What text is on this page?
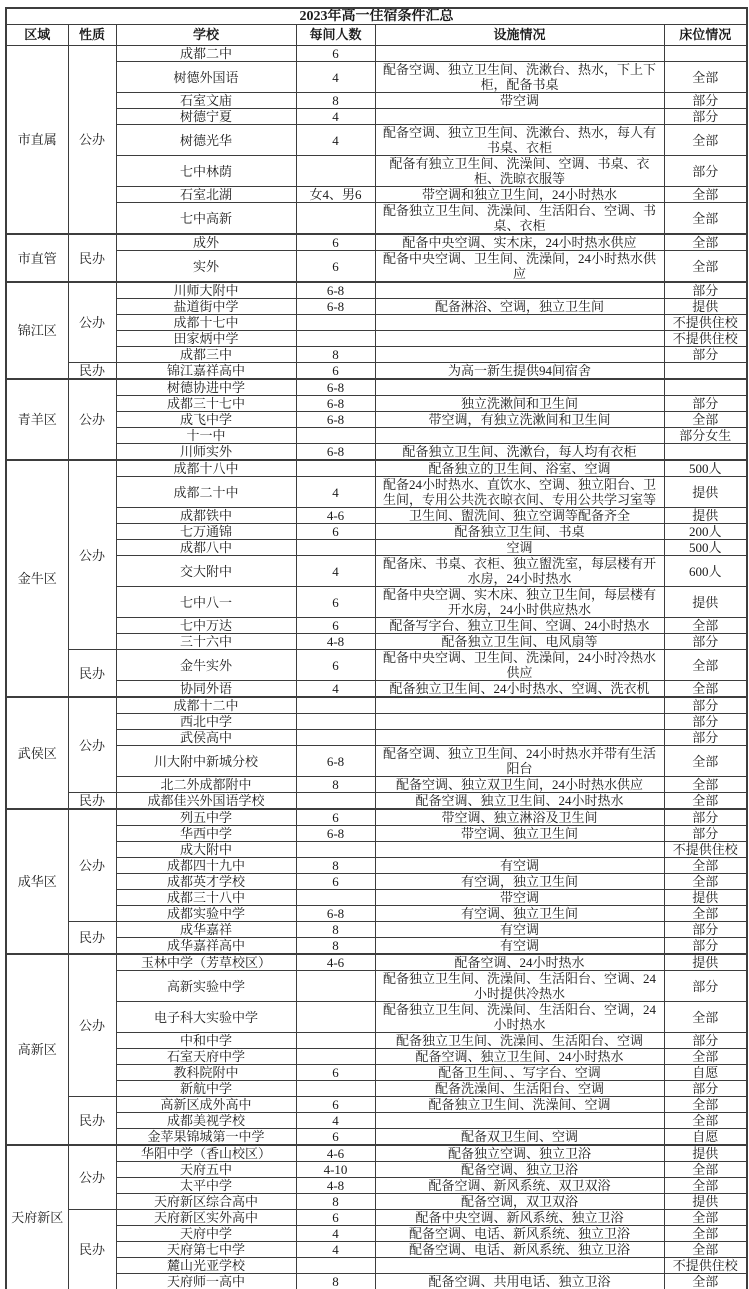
2023年高一住宿条件汇总					
区域	性质	学校	每间人数	设施情况	床位情况
市直属	公办	成都二中	6		
		树德外国语	4	配备空调、独立卫生间、洗漱台、热水，下上下柜，配备书桌	全部
		石室文庙	8	带空调	部分
		树德宁夏	4		部分
		树德光华	4	配备空调、独立卫生间、洗漱台、热水，每人有书桌、衣柜	全部
		七中林荫		配备有独立卫生间、洗澡间、空调、书桌、衣柜、洗晾衣服等	部分
		石室北湖	女4、男6	带空调和独立卫生间，24小时热水	全部
		七中高新		配备独立卫生间、洗澡间、生活阳台、空调、书桌、衣柜	全部
市直管	民办	成外	6	配备中央空调、实木床，24小时热水供应	全部
		实外	6	配备中央空调、卫生间、洗澡间，24小时热水供应	全部
锦江区	公办	川师大附中	6-8		部分
		盐道街中学	6-8	配备淋浴、空调，独立卫生间	提供
		成都十七中			不提供住校
		田家炳中学			不提供住校
		成都三中	8		部分
	民办	锦江嘉祥高中	6	为高一新生提供94间宿舍	
青羊区	公办	树德协进中学	6-8		
		成都三十七中	6-8	独立洗漱间和卫生间	部分
		成飞中学	6-8	带空调，有独立洗漱间和卫生间	全部
		十一中			部分女生
		川师实外	6-8	配备独立卫生间、洗漱台，每人均有衣柜	
金牛区	公办	成都十八中		配备独立的卫生间、浴室、空调	500人
		成都二十中	4	配备24小时热水、直饮水、空调、独立阳台、卫生间，专用公共洗衣晾衣间、专用公共学习室等	提供
		成都铁中	4-6	卫生间、盥洗间、独立空调等配备齐全	提供
		七万通锦	6	配备独立卫生间、书桌	200人
		成都八中		空调	500人
		交大附中	4	配备床、书桌、衣柜、独立盥洗室，每层楼有开水房，24小时热水	600人
		七中八一	6	配备中央空调、实木床、独立卫生间，每层楼有开水房，24小时供应热水	提供
		七中万达	6	配备写字台、独立卫生间、空调、24小时热水	全部
		三十六中	4-8	配备独立卫生间、电风扇等	部分
	民办	金牛实外	6	配备中央空调、卫生间、洗澡间，24小时冷热水供应	全部
		协同外语	4	配备独立卫生间、24小时热水、空调、洗衣机	全部
武侯区	公办	成都十二中			部分
		西北中学			部分
		武侯高中			部分
		川大附中新城分校	6-8	配备空调、独立卫生间、24小时热水并带有生活阳台	全部
		北二外成都附中	8	配备空调、独立双卫生间，24小时热水供应	全部
	民办	成都佳兴外国语学校		配备空调、独立卫生间、24小时热水	全部
成华区	公办	列五中学	6	带空调、独立淋浴及卫生间	部分
		华西中学	6-8	带空调、独立卫生间	部分
		成大附中			不提供住校
		成都四十九中	8	有空调	全部
		成都英才学校	6	有空调，独立卫生间	全部
		成都三十八中		带空调	提供
		成都实验中学	6-8	有空调、独立卫生间	全部
	民办	成华嘉祥	8	有空调	部分
		成华嘉祥高中	8	有空调	部分
高新区	公办	玉林中学（芳草校区）	4-6	配备空调、24小时热水	提供
		高新实验中学		配备独立卫生间、洗澡间、生活阳台、空调、24小时提供冷热水	部分
		电子科大实验中学		配备独立卫生间、洗澡间、生活阳台、空调，24小时热水	全部
		中和中学		配备独立卫生间、洗澡间、生活阳台、空调	部分
		石室天府中学		配备空调、独立卫生间、24小时热水	全部
		教科院附中	6	配备卫生间、、写字台、空调	自愿
		新航中学		配备洗澡间、生活阳台、空调	部分
	民办	高新区成外高中	6	配备独立卫生间、洗澡间、空调	全部
		成都美视学校	4		全部
		金苹果锦城第一中学	6	配备双卫生间、空调	自愿
天府新区	公办	华阳中学（香山校区）	4-6	配备独立空调、独立卫浴	提供
		天府五中	4-10	配备空调、独立卫浴	全部
		太平中学	4-8	配备空调、新风系统、双卫双浴	全部
		天府新区综合高中	8	配备空调，双卫双浴	提供
	民办	天府新区实外高中	6	配备中央空调、新风系统、独立卫浴	全部
		天府中学	4	配备空调、电话、新风系统、独立卫浴	全部
		天府第七中学	4	配备空调、电话、新风系统、独立卫浴	全部
		麓山光亚学校			不提供住校
		天府师一高中	8	配备空调、共用电话、独立卫浴	全部
